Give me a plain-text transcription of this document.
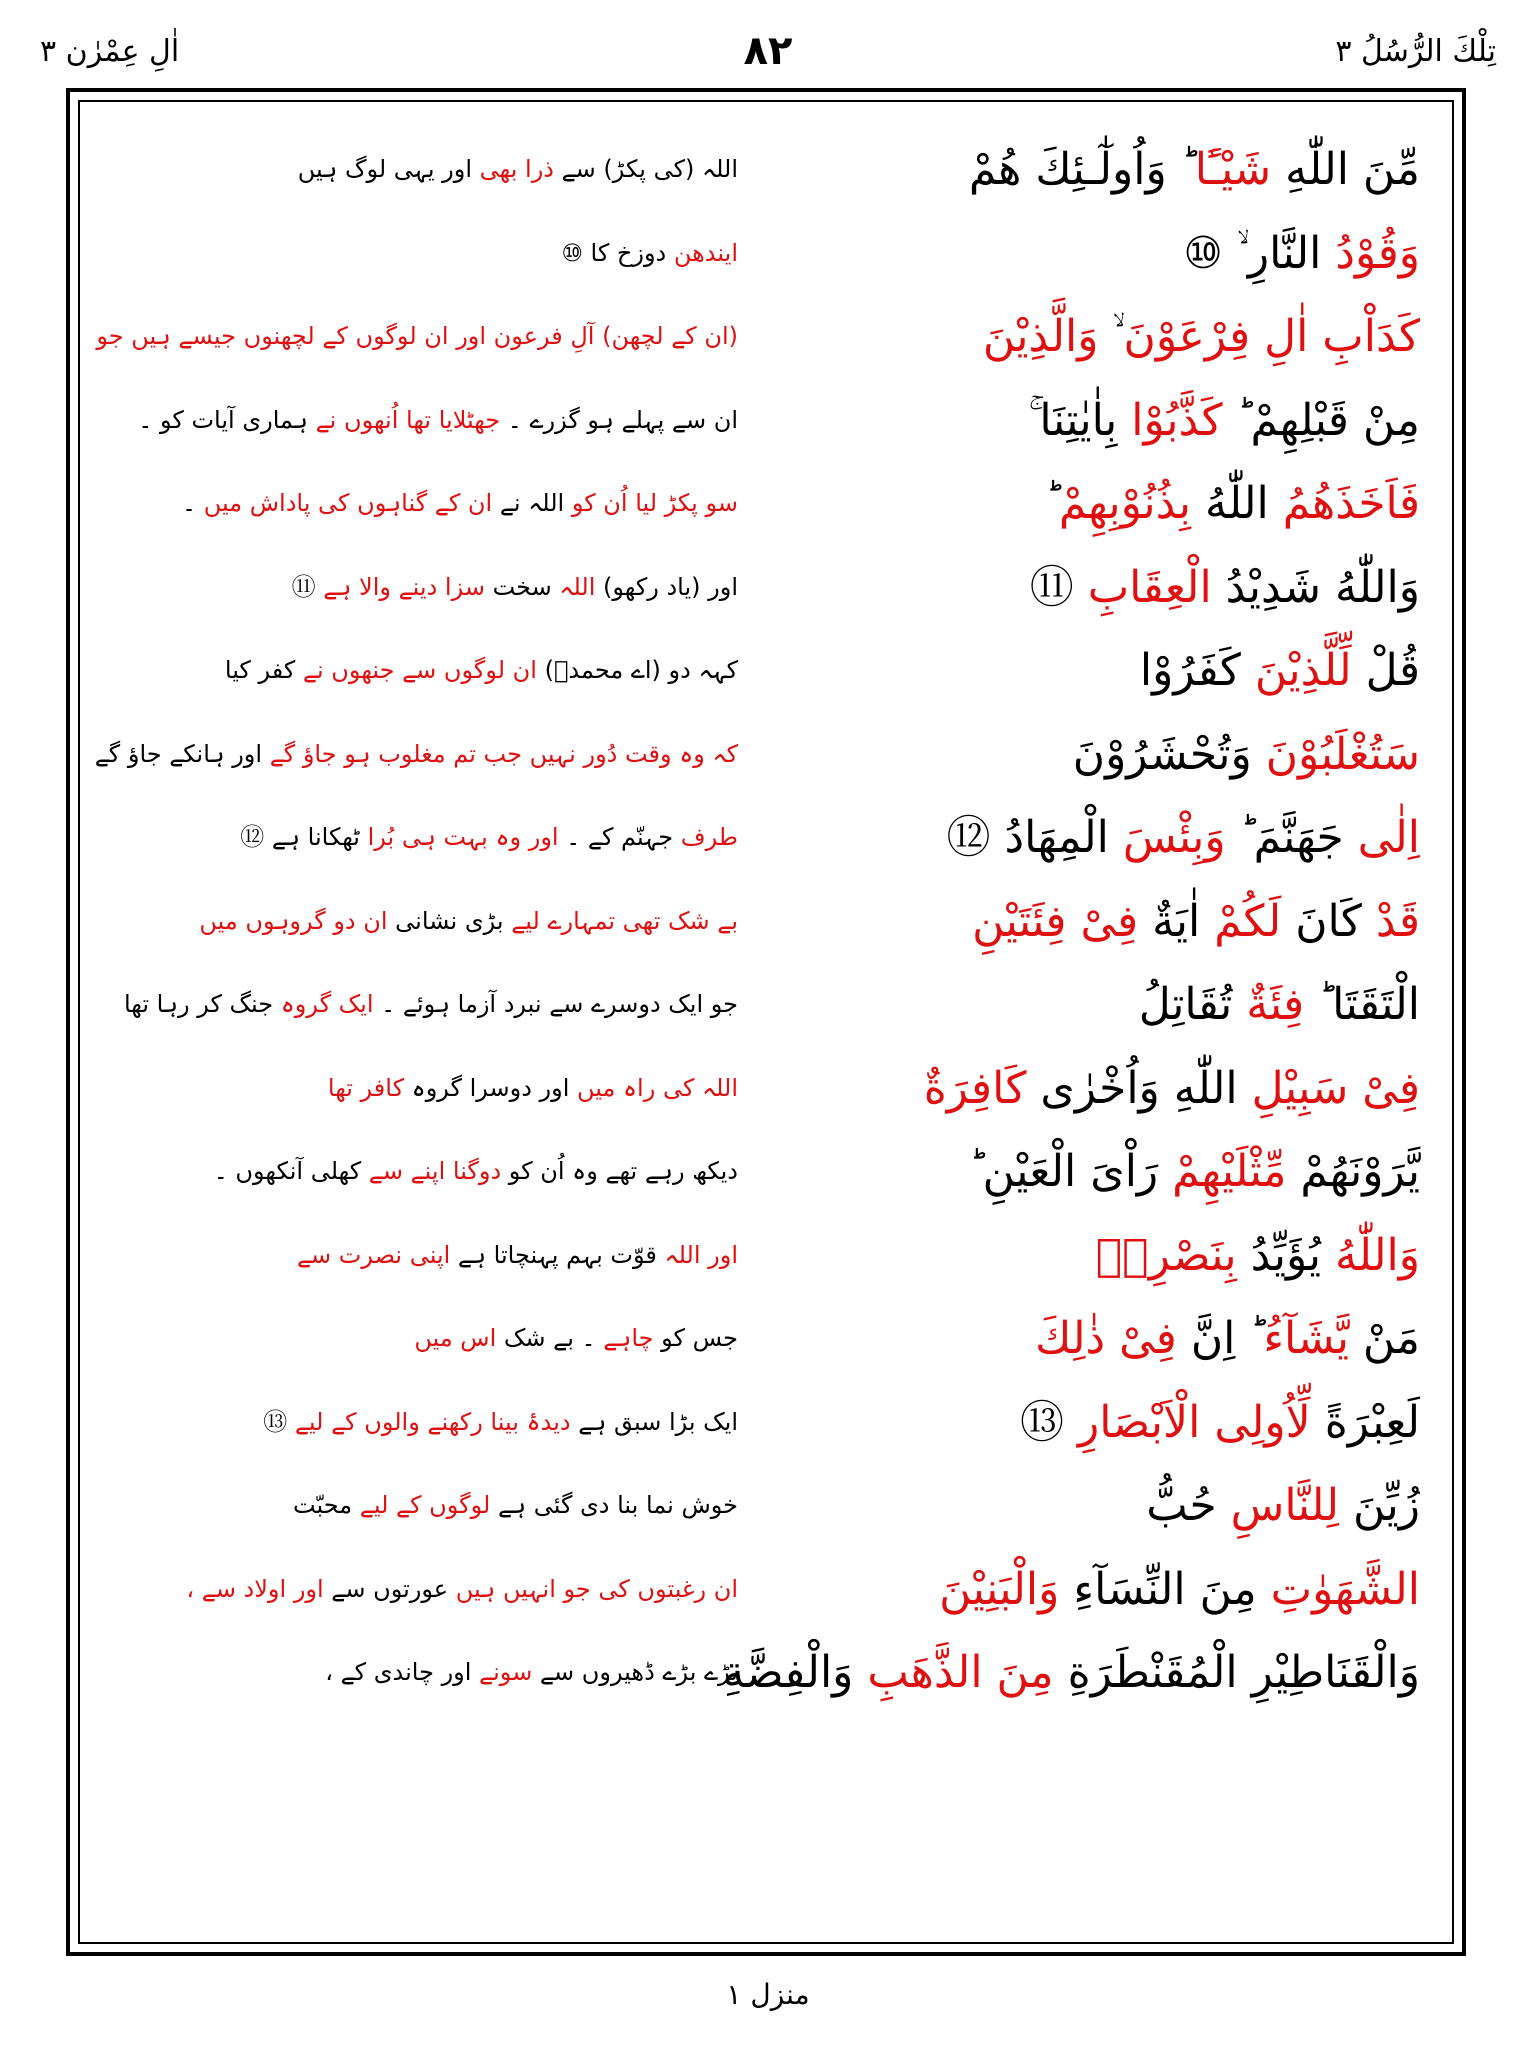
تِلْكَ الرُّسُلُ ٣
٨٢
اٰلِ عِمْرٰن ٣
مِّنَ اللّٰهِ شَيْـًٔا ؕ وَاُولٰٓـئِكَ هُمْ
اللہ (کی پکڑ) سے ذرا بھی اور یہی لوگ ہیں
وَقُوْدُ النَّارِ ۙ ⑩
ایندھن دوزخ کا ⑩
كَدَاْبِ اٰلِ فِرْعَوْنَ ۙ وَالَّذِيْنَ
(ان کے لچھن) آلِ فرعون اور ان لوگوں کے لچھنوں جیسے ہیں جو
مِنْ قَبْلِهِمْ ؕ كَذَّبُوْا بِاٰيٰتِنَا ۚ
ان سے پہلے ہو گزرے ۔ جھٹلایا تھا اُنھوں نے ہماری آیات کو ۔
فَاَخَذَهُمُ اللّٰهُ بِذُنُوْبِهِمْ ؕ
سو پکڑ لیا اُن کو اللہ نے ان کے گناہوں کی پاداش میں ۔
وَاللّٰهُ شَدِيْدُ الْعِقَابِ ⑪
اور (یاد رکھو) اللہ سخت سزا دینے والا ہے ⑪
قُلْ لِّلَّذِيْنَ كَفَرُوْا
کہہ دو (اے محمدؐ) ان لوگوں سے جنھوں نے کفر کیا
سَتُغْلَبُوْنَ وَتُحْشَرُوْنَ
کہ وہ وقت دُور نہیں جب تم مغلوب ہو جاؤ گے اور ہانکے جاؤ گے
اِلٰى جَهَنَّمَ ؕ وَبِئْسَ الْمِهَادُ ⑫
طرف جہنّم کے ۔ اور وہ بہت ہی بُرا ٹھکانا ہے ⑫
قَدْ كَانَ لَكُمْ اٰيَةٌ فِىْ فِئَتَيْنِ
بے شک تھی تمہارے لیے بڑی نشانی ان دو گروہوں میں
الْتَقَتَا ؕ فِئَةٌ تُقَاتِلُ
جو ایک دوسرے سے نبرد آزما ہوئے ۔ ایک گروہ جنگ کر رہا تھا
فِىْ سَبِيْلِ اللّٰهِ وَاُخْرٰى كَافِرَةٌ
اللہ کی راہ میں اور دوسرا گروہ کافر تھا
يَّرَوْنَهُمْ مِّثْلَيْهِمْ رَاْىَ الْعَيْنِ ؕ
دیکھ رہے تھے وہ اُن کو دوگنا اپنے سے کھلی آنکھوں ۔
وَاللّٰهُ يُؤَيِّدُ بِنَصْرِهٖ
اور اللہ قوّت بہم پہنچاتا ہے اپنی نصرت سے
مَنْ يَّشَآءُ ؕ اِنَّ فِىْ ذٰلِكَ
جس کو چاہے ۔ بے شک اس میں
لَعِبْرَةً لِّاُولِى الْاَبْصَارِ ⑬
ایک بڑا سبق ہے دیدۂ بینا رکھنے والوں کے لیے ⑬
زُيِّنَ لِلنَّاسِ حُبُّ
خوش نما بنا دی گئی ہے لوگوں کے لیے محبّت
الشَّهَوٰتِ مِنَ النِّسَآءِ وَالْبَنِيْنَ
ان رغبتوں کی جو انہیں ہیں عورتوں سے اور اولاد سے ،
وَالْقَنَاطِيْرِ الْمُقَنْطَرَةِ مِنَ الذَّهَبِ وَالْفِضَّةِ
بڑے بڑے ڈھیروں سے سونے اور چاندی کے ،
منزل ١
